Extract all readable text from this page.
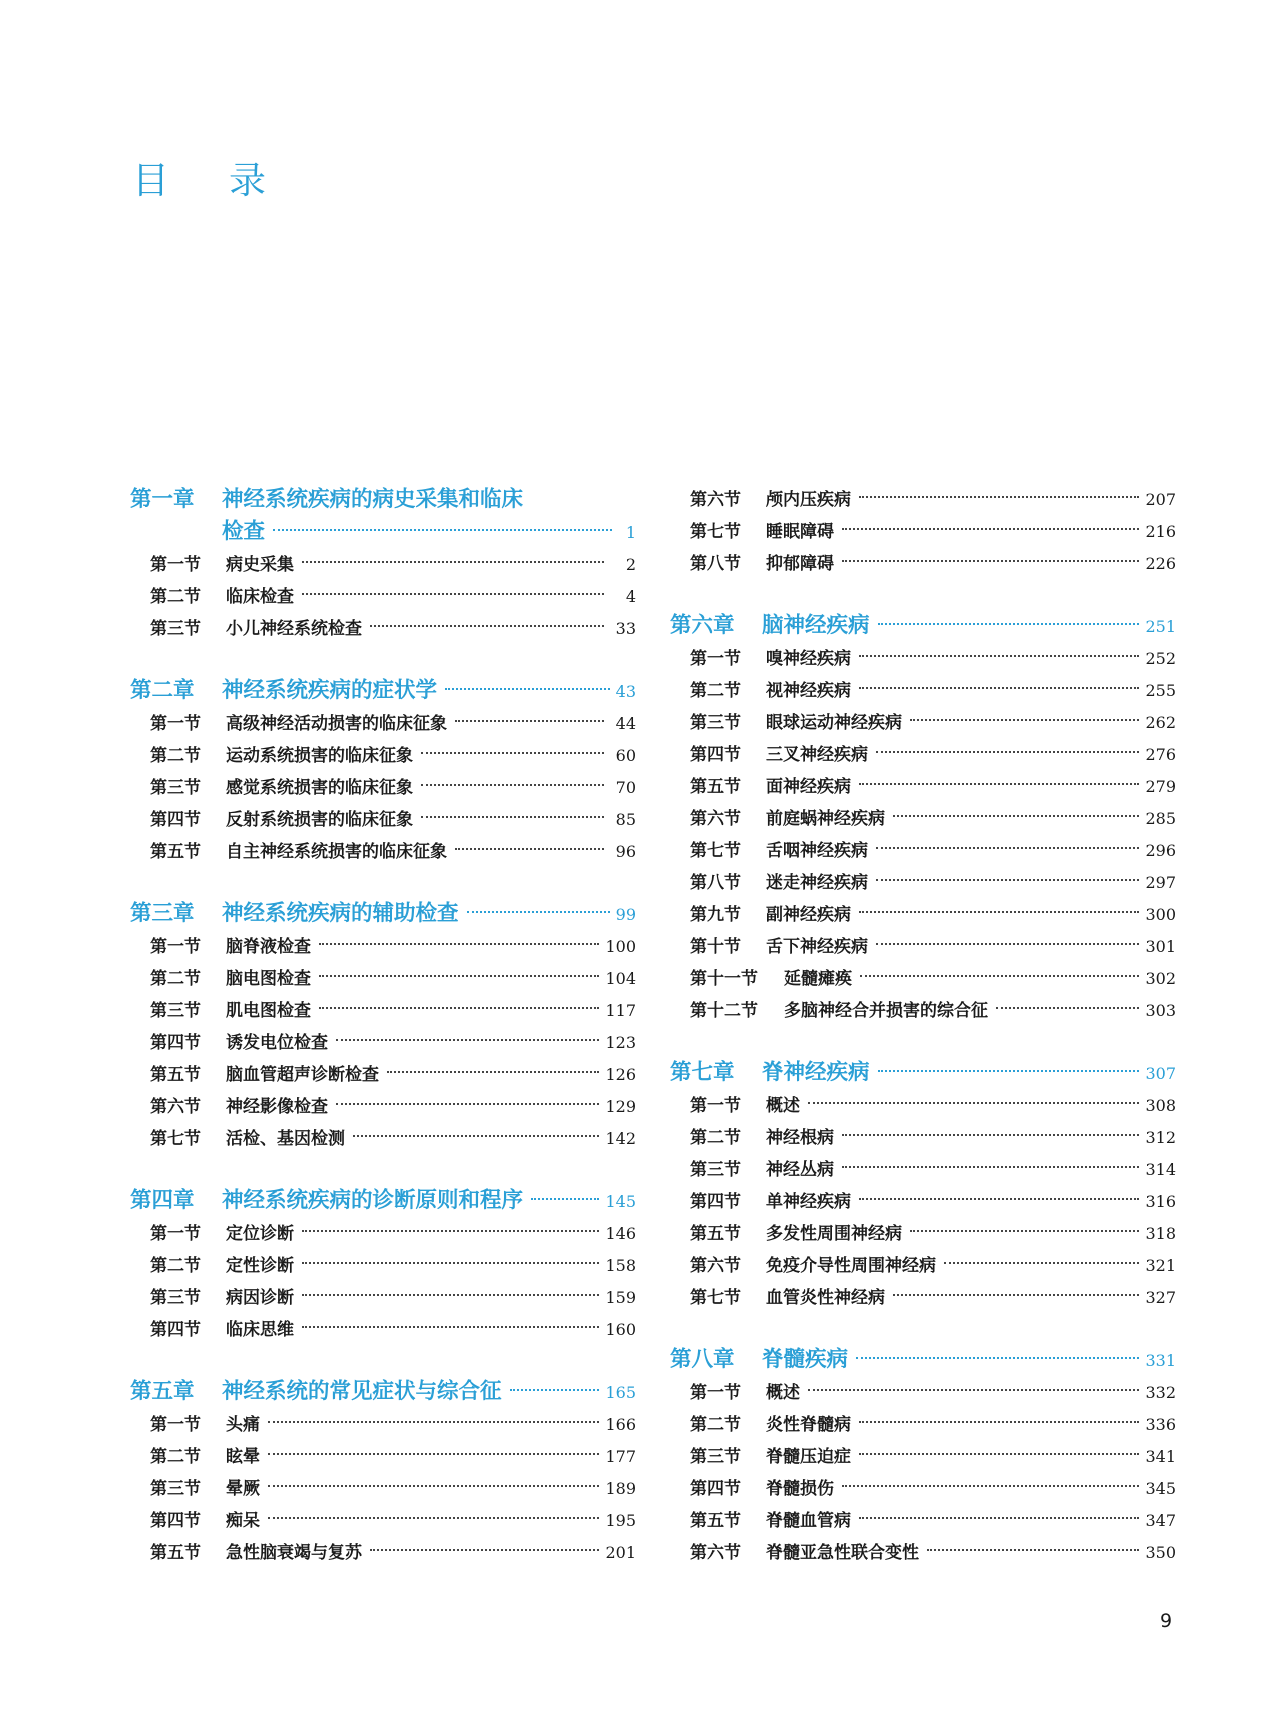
目录
第一章	神经系统疾病的病史采集和临床
检查	1
第一节	病史采集	2
第二节	临床检查	4
第三节	小儿神经系统检查	33
第二章	神经系统疾病的症状学	43
第一节	高级神经活动损害的临床征象	44
第二节	运动系统损害的临床征象	60
第三节	感觉系统损害的临床征象	70
第四节	反射系统损害的临床征象	85
第五节	自主神经系统损害的临床征象	96
第三章	神经系统疾病的辅助检查	99
第一节	脑脊液检查	100
第二节	脑电图检查	104
第三节	肌电图检查	117
第四节	诱发电位检查	123
第五节	脑血管超声诊断检查	126
第六节	神经影像检查	129
第七节	活检、基因检测	142
第四章	神经系统疾病的诊断原则和程序	145
第一节	定位诊断	146
第二节	定性诊断	158
第三节	病因诊断	159
第四节	临床思维	160
第五章	神经系统的常见症状与综合征	165
第一节	头痛	166
第二节	眩晕	177
第三节	晕厥	189
第四节	痴呆	195
第五节	急性脑衰竭与复苏	201
第六节	颅内压疾病	207
第七节	睡眠障碍	216
第八节	抑郁障碍	226
第六章	脑神经疾病	251
第一节	嗅神经疾病	252
第二节	视神经疾病	255
第三节	眼球运动神经疾病	262
第四节	三叉神经疾病	276
第五节	面神经疾病	279
第六节	前庭蜗神经疾病	285
第七节	舌咽神经疾病	296
第八节	迷走神经疾病	297
第九节	副神经疾病	300
第十节	舌下神经疾病	301
第十一节	延髓瘫痪	302
第十二节	多脑神经合并损害的综合征	303
第七章	脊神经疾病	307
第一节	概述	308
第二节	神经根病	312
第三节	神经丛病	314
第四节	单神经疾病	316
第五节	多发性周围神经病	318
第六节	免疫介导性周围神经病	321
第七节	血管炎性神经病	327
第八章	脊髓疾病	331
第一节	概述	332
第二节	炎性脊髓病	336
第三节	脊髓压迫症	341
第四节	脊髓损伤	345
第五节	脊髓血管病	347
第六节	脊髓亚急性联合变性	350
9
